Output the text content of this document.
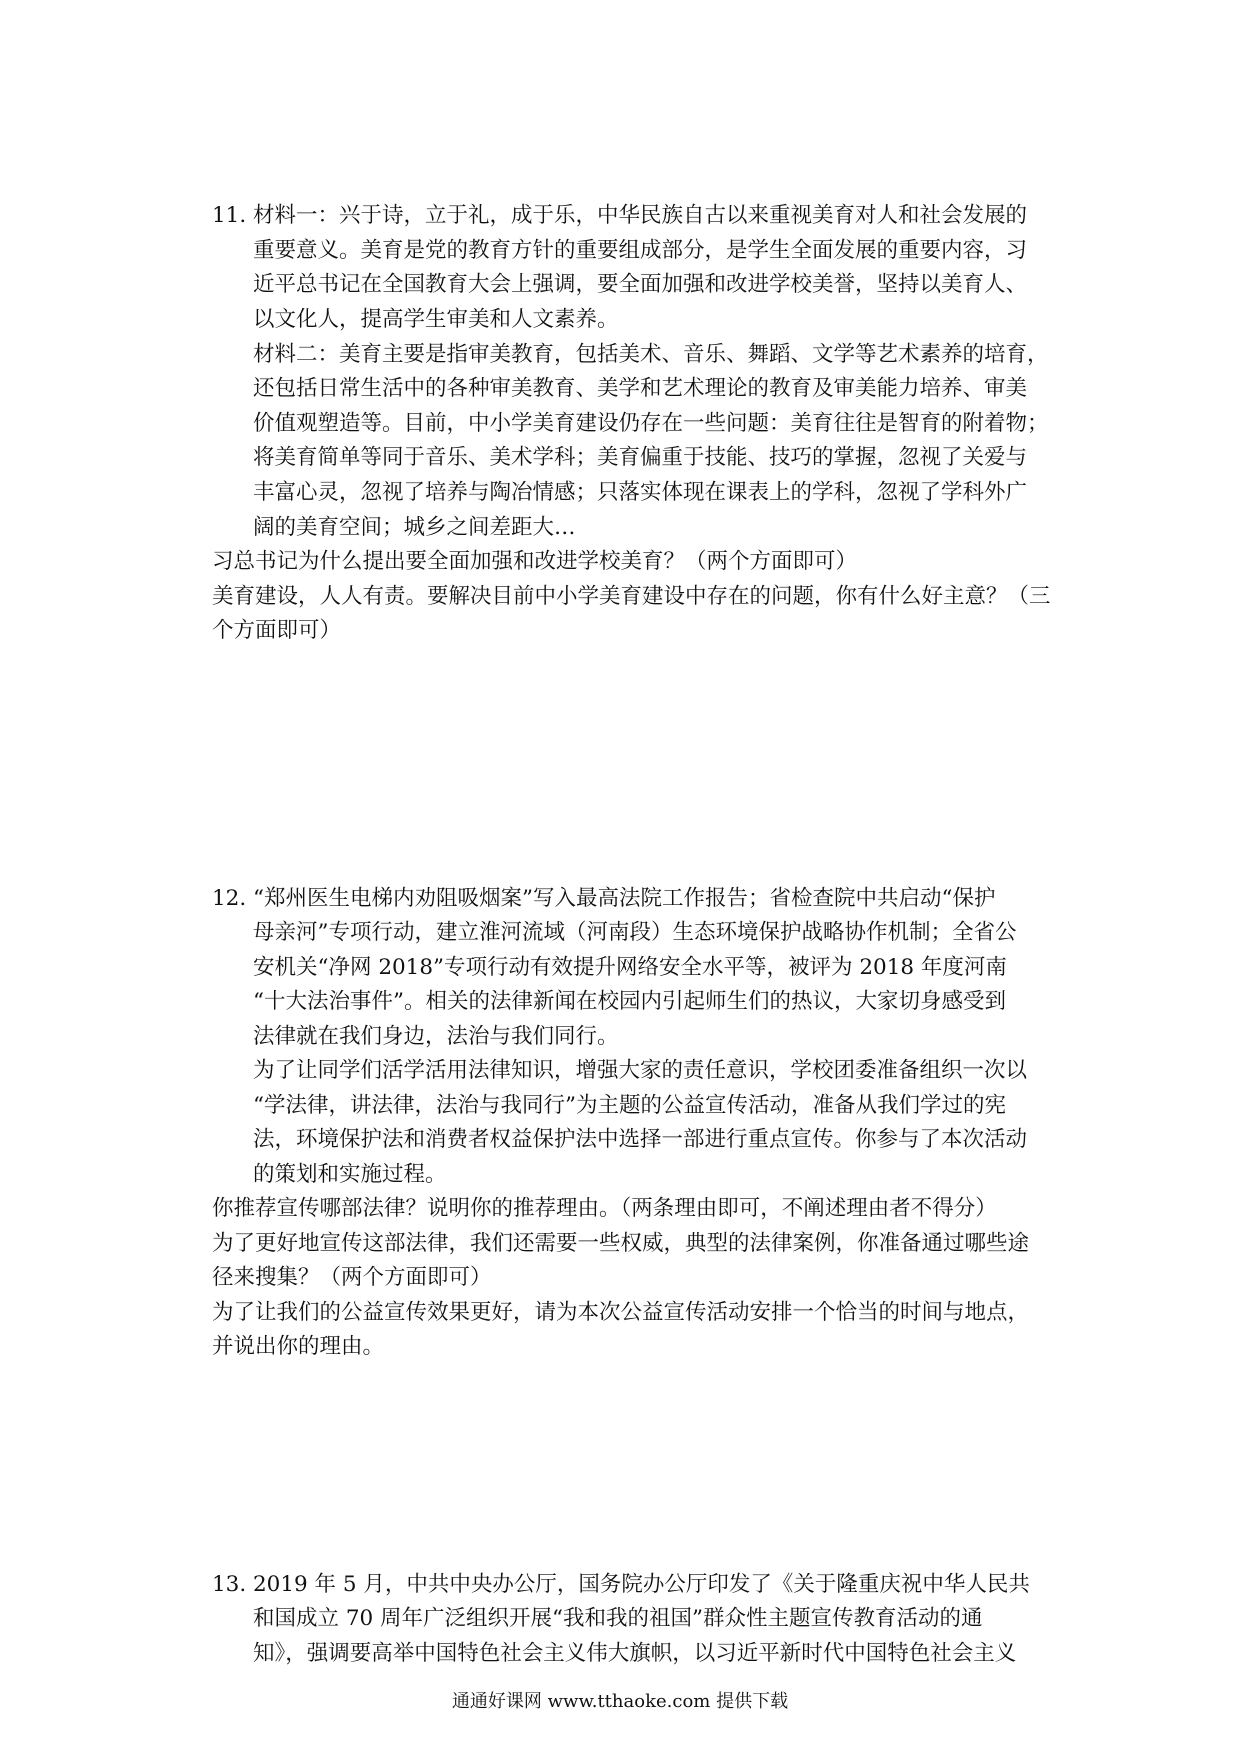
11. 材料一：兴于诗，立于礼，成于乐，中华民族自古以来重视美育对人和社会发展的
重要意义。美育是党的教育方针的重要组成部分，是学生全面发展的重要内容，习
近平总书记在全国教育大会上强调，要全面加强和改进学校美誉，坚持以美育人、
以文化人，提高学生审美和人文素养。
材料二：美育主要是指审美教育，包括美术、音乐、舞蹈、文学等艺术素养的培育，
还包括日常生活中的各种审美教育、美学和艺术理论的教育及审美能力培养、审美
价值观塑造等。目前，中小学美育建设仍存在一些问题：美育往往是智育的附着物；
将美育简单等同于音乐、美术学科；美育偏重于技能、技巧的掌握，忽视了关爱与
丰富心灵，忽视了培养与陶冶情感；只落实体现在课表上的学科，忽视了学科外广
阔的美育空间；城乡之间差距大…
习总书记为什么提出要全面加强和改进学校美育？（两个方面即可）
美育建设，人人有责。要解决目前中小学美育建设中存在的问题，你有什么好主意？（三
个方面即可）
12. “郑州医生电梯内劝阻吸烟案”写入最高法院工作报告；省检查院中共启动“保护
母亲河”专项行动，建立淮河流域（河南段）生态环境保护战略协作机制；全省公
安机关“净网 2018”专项行动有效提升网络安全水平等，被评为 2018 年度河南
“十大法治事件”。相关的法律新闻在校园内引起师生们的热议，大家切身感受到
法律就在我们身边，法治与我们同行。
为了让同学们活学活用法律知识，增强大家的责任意识，学校团委准备组织一次以
“学法律，讲法律，法治与我同行”为主题的公益宣传活动，准备从我们学过的宪
法，环境保护法和消费者权益保护法中选择一部进行重点宣传。你参与了本次活动
的策划和实施过程。
你推荐宣传哪部法律？说明你的推荐理由。（两条理由即可，不阐述理由者不得分）
为了更好地宣传这部法律，我们还需要一些权威，典型的法律案例，你准备通过哪些途
径来搜集？（两个方面即可）
为了让我们的公益宣传效果更好，请为本次公益宣传活动安排一个恰当的时间与地点，
并说出你的理由。
13. 2019 年 5 月，中共中央办公厅，国务院办公厅印发了《关于隆重庆祝中华人民共
和国成立 70 周年广泛组织开展“我和我的祖国”群众性主题宣传教育活动的通
知》，强调要高举中国特色社会主义伟大旗帜，以习近平新时代中国特色社会主义
通通好课网 www.tthaoke.com 提供下载
